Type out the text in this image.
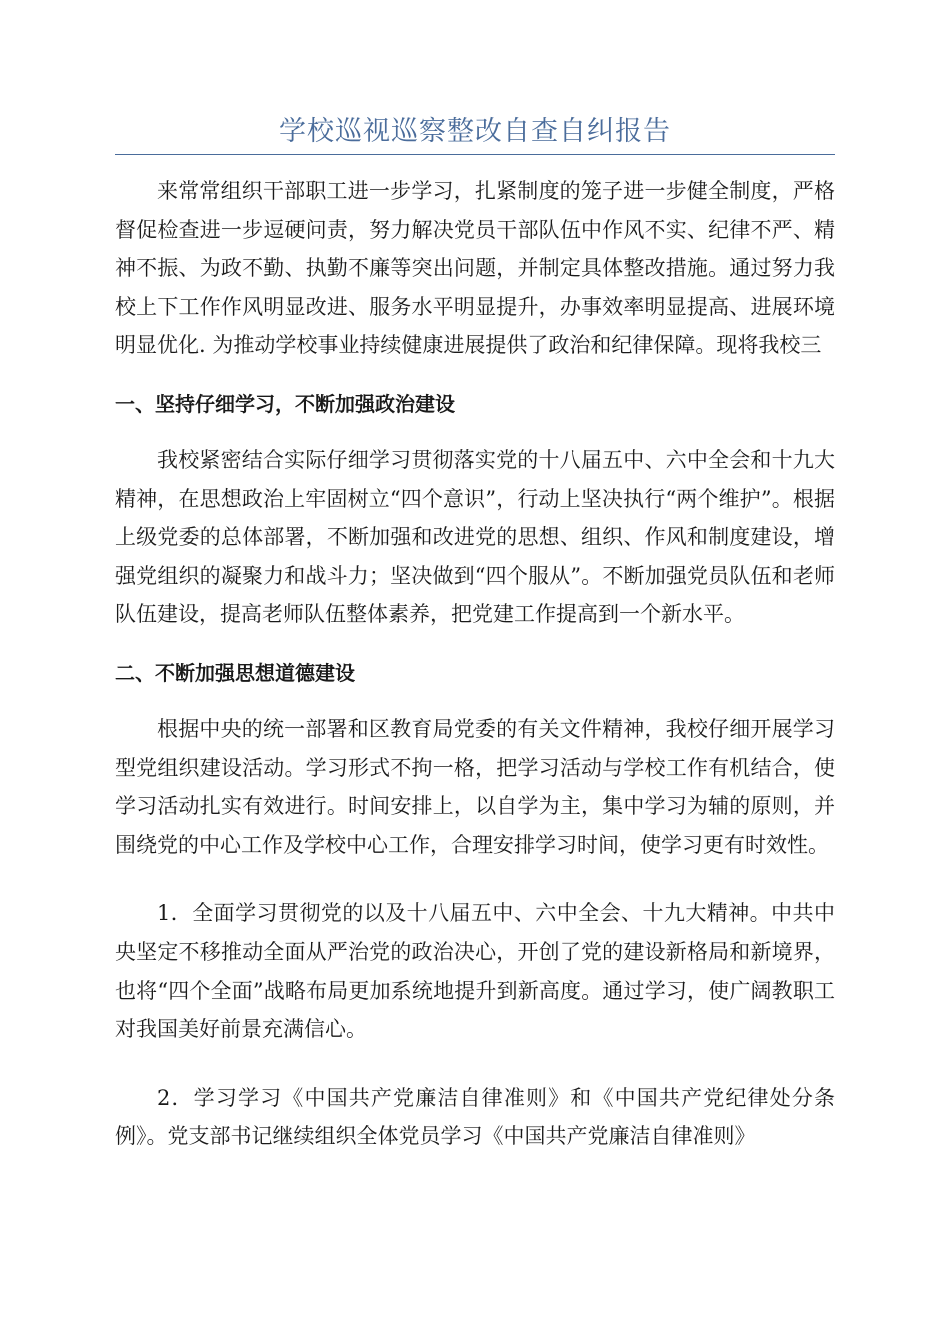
学校巡视巡察整改自查自纠报告

来常常组织干部职工进一步学习，扎紧制度的笼子进一步健全制度，严格督促检查进一步逗硬问责，努力解决党员干部队伍中作风不实、纪律不严、精神不振、为政不勤、执勤不廉等突出问题，并制定具体整改措施。通过努力我校上下工作作风明显改进、服务水平明显提升，办事效率明显提高、进展环境明显优化. 为推动学校事业持续健康进展提供了政治和纪律保障。现将我校三

一、坚持仔细学习，不断加强政治建设

我校紧密结合实际仔细学习贯彻落实党的十八届五中、六中全会和十九大精神，在思想政治上牢固树立“四个意识”，行动上坚决执行“两个维护”。根据上级党委的总体部署，不断加强和改进党的思想、组织、作风和制度建设，增强党组织的凝聚力和战斗力；坚决做到“四个服从”。不断加强党员队伍和老师队伍建设，提高老师队伍整体素养，把党建工作提高到一个新水平。

二、不断加强思想道德建设

根据中央的统一部署和区教育局党委的有关文件精神，我校仔细开展学习型党组织建设活动。学习形式不拘一格，把学习活动与学校工作有机结合，使学习活动扎实有效进行。时间安排上，以自学为主，集中学习为辅的原则，并围绕党的中心工作及学校中心工作，合理安排学习时间，使学习更有时效性。

1．全面学习贯彻党的以及十八届五中、六中全会、十九大精神。中共中央坚定不移推动全面从严治党的政治决心，开创了党的建设新格局和新境界，也将“四个全面”战略布局更加系统地提升到新高度。通过学习，使广阔教职工对我国美好前景充满信心。

2．学习学习《中国共产党廉洁自律准则》和《中国共产党纪律处分条例》。党支部书记继续组织全体党员学习《中国共产党廉洁自律准则》
